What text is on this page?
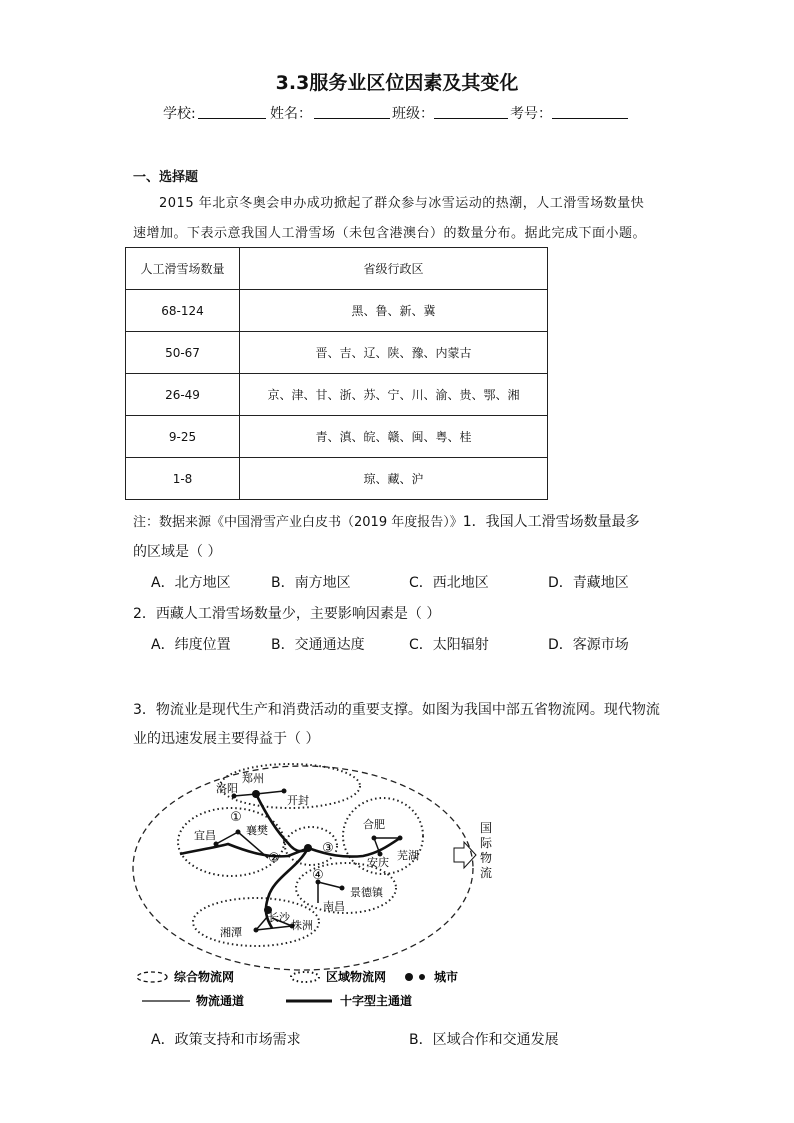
3.3服务业区位因素及其变化
学校:	姓名：	班级：	考号：
一、选择题
2015 年北京冬奥会申办成功掀起了群众参与冰雪运动的热潮，人工滑雪场数量快
速增加。下表示意我国人工滑雪场（未包含港澳台）的数量分布。据此完成下面小题。
人工滑雪场数量	省级行政区
68-124	黑、鲁、新、冀
50-67	晋、吉、辽、陕、豫、内蒙古
26-49	京、津、甘、浙、苏、宁、川、渝、贵、鄂、湘
9-25	青、滇、皖、赣、闽、粤、桂
1-8	琼、藏、沪
注：数据来源《中国滑雪产业白皮书（2019 年度报告）》1．我国人工滑雪场数量最多
的区域是（ ）
A．北方地区	B．南方地区	C．西北地区	D．青藏地区
2．西藏人工滑雪场数量少，主要影响因素是（ ）
A．纬度位置	B．交通通达度	C．太阳辐射	D．客源市场
3．物流业是现代生产和消费活动的重要支撑。如图为我国中部五省物流网。现代物流
业的迅速发展主要得益于（ ）
郑州
洛阳
开封
宜昌	襄樊	合肥
安庆
芜湖
景德镇
南昌
长沙
湘潭
株洲
①
②
③
④
国际物流
综合物流网	区域物流网	城市
物流通道	十字型主通道
A．政策支持和市场需求	B．区域合作和交通发展
